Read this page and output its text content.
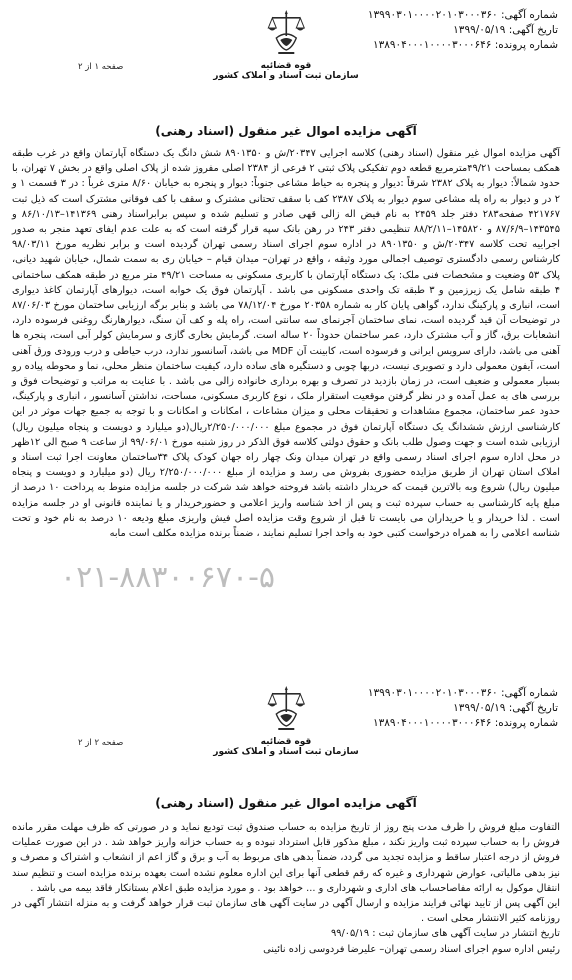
شماره آگهی: ۱۳۹۹۰۳۰۱۰۰۰۰۲۰۱۰۳۰۰۰۳۶۰
تاریخ آگهی: ۱۳۹۹/۰۵/۱۹
شماره پرونده: ۱۳۸۹۰۴۰۰۰۱۰۰۰۰۳۰۰۰۶۴۶
صفحه ۱ از ۲	قوه قضائیه
سازمان ثبت اسناد و املاک کشور
آگهی مزایده اموال غیر منقول (اسناد رهنی)
۰۲۱-۸۸۳۰۰۶۷۰-۵

آگهی مزایده اموال غیر منقول (اسناد رهنی) کلاسه اجرایی ۲۰۳۴۷/ش و ۸۹۰۱۳۵۰ شش دانگ یک دستگاه آپارتمان واقع در غرب طبقه همکف بمساحت ۴۹/۲۱مترمربع قطعه دوم تفکیکی پلاک ثبتی ۲ فرعی از ۲۳۸۴ اصلی مفروز شده از پلاک اصلی واقع در بخش ۷ تهران، با حدود شمالاً: دیوار به پلاک ۲۳۸۲ شرقاً :دیوار و پنجره به حیاط مشاعی جنوباً: دیوار و پنجره به خیابان ۸/۶۰ متری غرباً : در ۳ قسمت ۱ و ۲ در و دیوار به راه پله مشاعی سوم دیوار به پلاک ۲۳۸۷ کف با سقف تحتانی مشترک و سقف با کف فوقانی مشترک است که ذیل ثبت ۴۲۱۷۶۷ صفحه۲۸۳ دفتر جلد ۲۴۵۹ به نام فیض اله زالی قهی صادر و تسلیم شده و سپس برابراسناد رهنی ۱۴۱۳۶۹–۸۶/۱۰/۱۳ و ۱۴۳۵۴۵–۸۷/۶/۹ و ۱۴۵۸۲۰–۸۸/۲/۱۱ تنظیمی دفتر ۲۴۳ در رهن بانک سپه قرار گرفته است که به علت عدم ایفای تعهد منجر به صدور اجراییه تحت کلاسه ۲۰۳۴۷/ش و ۸۹۰۱۳۵۰ در اداره سوم اجرای اسناد رسمی تهران گردیده است و برابر نظریه مورخ ۹۸/۰۳/۱۱ کارشناس رسمی دادگستری توصیف اجمالی مورد وثیقه ، واقع در تهران– میدان قیام – خیابان ری به سمت شمال، خیابان شهید دیانی، پلاک ۵۳ وضعیت و مشخصات فنی ملک: یک دستگاه آپارتمان با کاربری مسکونی به مساحت ۴۹/۲۱ متر مربع در طبقه همکف ساختمانی ۴ طبقه شامل یک زیرزمین و ۳ طبقه تک واحدی مسکونی می باشد . آپارتمان فوق یک خوابه است، دیوارهای آپارتمان کاغذ دیواری است، انباری و پارکینگ ندارد، گواهی پایان کار به شماره ۲۰۳۵۸ مورخ ۷۸/۱۲/۰۴ می باشد و بنابر برگه ارزیابی ساختمان مورخ ۸۷/۰۶/۰۳ در توضیحات آن قید گردیده است، نمای ساختمان آجرنمای سه سانتی است، راه پله و کف آن سنگ، دیوارهارنگ روغنی فرسوده دارد، انشعابات برق، گاز و آب مشترک دارد، عمر ساختمان حدوداً ۲۰ ساله است. گرمایش بخاری گازی و سرمایش کولر آبی است، پنجره ها آهنی می باشد، دارای سرویس ایرانی و فرسوده است، کابینت آن MDF می باشد، آسانسور ندارد، درب حیاطی و درب ورودی ورق آهنی است، آیفون معمولی دارد و تصویری نیست، دربها چوبی و دستگیره های ساده دارد، کیفیت ساختمان منظر محلی، نما و محوطه پیاده رو بسیار معمولی و ضعیف است، در زمان بازدید در تصرف و بهره برداری خانواده زالی می باشد . با عنایت به مراتب و توضیحات فوق و بررسی های به عمل آمده و در نظر گرفتن موقعیت استقرار ملک ، نوع کاربری مسکونی، مساحت، نداشتن آسانسور ، انباری و پارکینگ، حدود عمر ساختمان، مجموع مشاهدات و تحقیقات محلی و میزان مشاعات ، امکانات و امکانات و با توجه به جمیع جهات موثر در این کارشناسی ارزش ششدانگ یک دستگاه آپارتمان فوق در مجموع مبلغ ۲/۲۵۰/۰۰۰/۰۰۰ریال(دو میلیارد و دویست و پنجاه میلیون ریال) ارزیابی شده است و جهت وصول طلب بانک و حقوق دولتی کلاسه فوق الذکر در روز شنبه مورخ ۹۹/۰۶/۰۱ از ساعت ۹ صبح الی ۱۲ظهر در محل اداره سوم اجرای اسناد رسمی واقع در تهران میدان ونک چهار راه جهان کودک پلاک ۳۴ساختمان معاونت اجرا ثبت اسناد و املاک استان تهران از طریق مزایده حضوری بفروش می رسد و مزایده از مبلغ ۲/۲۵۰/۰۰۰/۰۰۰ ریال (دو میلیارد و دویست و پنجاه میلیون ریال) شروع وبه بالاترین قیمت که خریدار داشته باشد فروخته خواهد شد شرکت در جلسه مزایده منوط به پرداخت ۱۰ درصد از مبلغ پایه کارشناسی به حساب سپرده ثبت و پس از اخذ شناسه واریز اعلامی و حضورخریدار و یا نماینده قانونی او در جلسه مزایده است . لذا خریدار و یا خریداران می بایست تا قبل از شروع وقت مزایده اصل فیش واریزی مبلغ ودیعه ۱۰ درصد به نام خود و تحت شناسه اعلامی را به همراه درخواست کتبی خود به واحد اجرا تسلیم نمایند ، ضمناً برنده مزایده مکلف است مابه

شماره آگهی: ۱۳۹۹۰۳۰۱۰۰۰۰۲۰۱۰۳۰۰۰۳۶۰
تاریخ آگهی: ۱۳۹۹/۰۵/۱۹
شماره پرونده: ۱۳۸۹۰۴۰۰۰۱۰۰۰۰۳۰۰۰۶۴۶
صفحه ۲ از ۲	قوه قضائیه
سازمان ثبت اسناد و املاک کشور
آگهی مزایده اموال غیر منقول (اسناد رهنی)

التفاوت مبلغ فروش را ظرف مدت پنج روز از تاریخ مزایده به حساب صندوق ثبت تودیع نماید و در صورتی که ظرف مهلت مقرر مانده فروش را به حساب سپرده ثبت واریز نکند ، مبلغ مذکور قابل استرداد نبوده و به حساب خزانه واریز خواهد شد . در این صورت عملیات فروش از درجه اعتبار ساقط و مزایده تجدید می گردد، ضمناً بدهی های مربوط به آب و برق و گاز اعم از انشعاب و اشتراک و مصرف و نیز بدهی مالیاتی، عوارض شهرداری و غیره که رقم قطعی آنها برای این اداره معلوم نشده است بعهده برنده مزایده است و تنظیم سند انتقال موکول به ارائه مفاصاحساب های اداری و شهرداری و ... خواهد بود . و مورد مزایده طبق اعلام بستانکار فاقد بیمه می باشد .

این آگهی پس از تایید نهائی فرایند مزایده و ارسال آگهی در سایت آگهی های سازمان ثبت قرار خواهد گرفت و به منزله انتشار آگهی در روزنامه کثیر الانتشار محلی است .

تاریخ انتشار در سایت آگهی های سازمان ثبت : ۹۹/۰۵/۱۹

رئیس اداره سوم اجرای اسناد رسمی تهران– علیرضا فردوسی زاده نائینی
